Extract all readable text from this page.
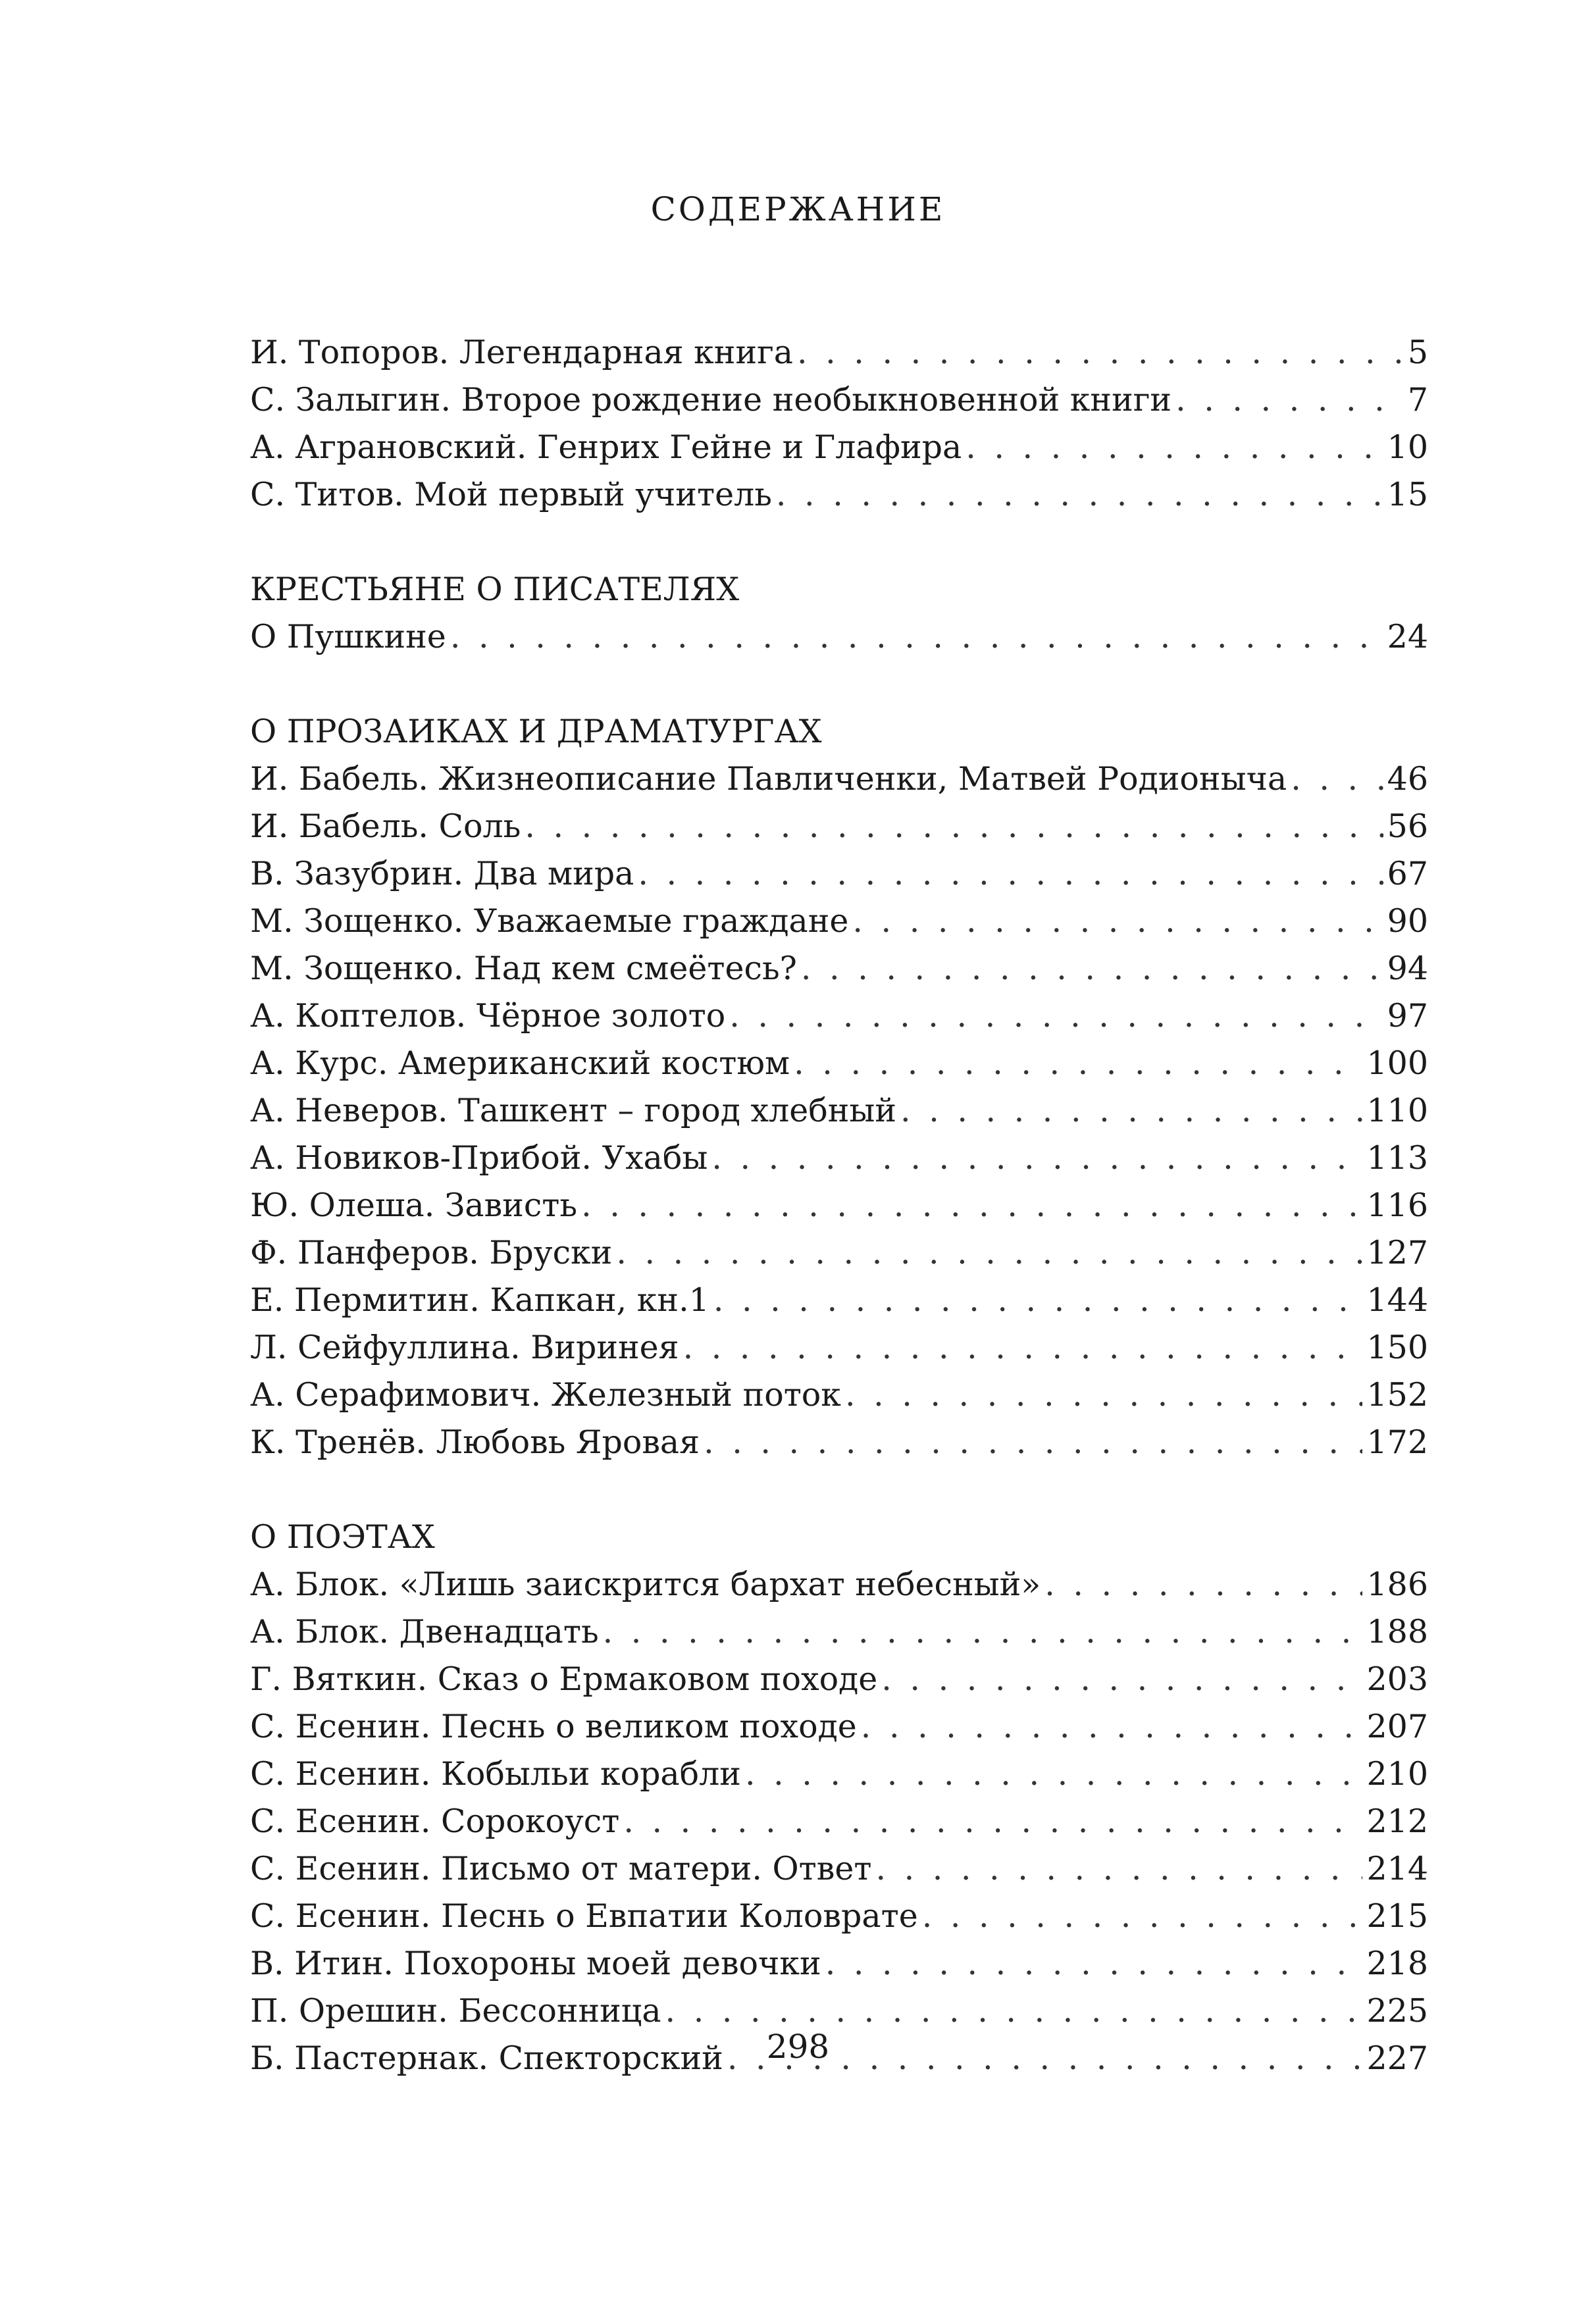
СОДЕРЖАНИЕ
И. Топоров. Легендарная книга . . .	5
С. Залыгин. Второе рождение необыкновенной книги . . .	7
А. Аграновский. Генрих Гейне и Глафира . . .	10
С. Титов. Мой первый учитель . . .	15
КРЕСТЬЯНЕ О ПИСАТЕЛЯХ
О Пушкине . . .	24
О ПРОЗАИКАХ И ДРАМАТУРГАХ
И. Бабель. Жизнеописание Павличенки, Матвей Родионыча . . .	46
И. Бабель. Соль . . .	56
В. Зазубрин. Два мира . . .	67
М. Зощенко. Уважаемые граждане . . .	90
М. Зощенко. Над кем смеётесь? . . .	94
А. Коптелов. Чёрное золото . . .	97
А. Курс. Американский костюм . . .	100
А. Неверов. Ташкент – город хлебный . . .	110
А. Новиков-Прибой. Ухабы . . .	113
Ю. Олеша. Зависть . . .	116
Ф. Панферов. Бруски . . .	127
Е. Пермитин. Капкан, кн.1 . . .	144
Л. Сейфуллина. Виринея . . .	150
А. Серафимович. Железный поток . . .	152
К. Тренёв. Любовь Яровая . . .	172
О ПОЭТАХ
А. Блок. «Лишь заискрится бархат небесный» . . .	186
А. Блок. Двенадцать . . .	188
Г. Вяткин. Сказ о Ермаковом походе . . .	203
С. Есенин. Песнь о великом походе . . .	207
С. Есенин. Кобыльи корабли . . .	210
С. Есенин. Сорокоуст . . .	212
С. Есенин. Письмо от матери. Ответ . . .	214
С. Есенин. Песнь о Евпатии Коловрате . . .	215
В. Итин. Похороны моей девочки . . .	218
П. Орешин. Бессонница . . .	225
Б. Пастернак. Спекторский . . .	227
298
